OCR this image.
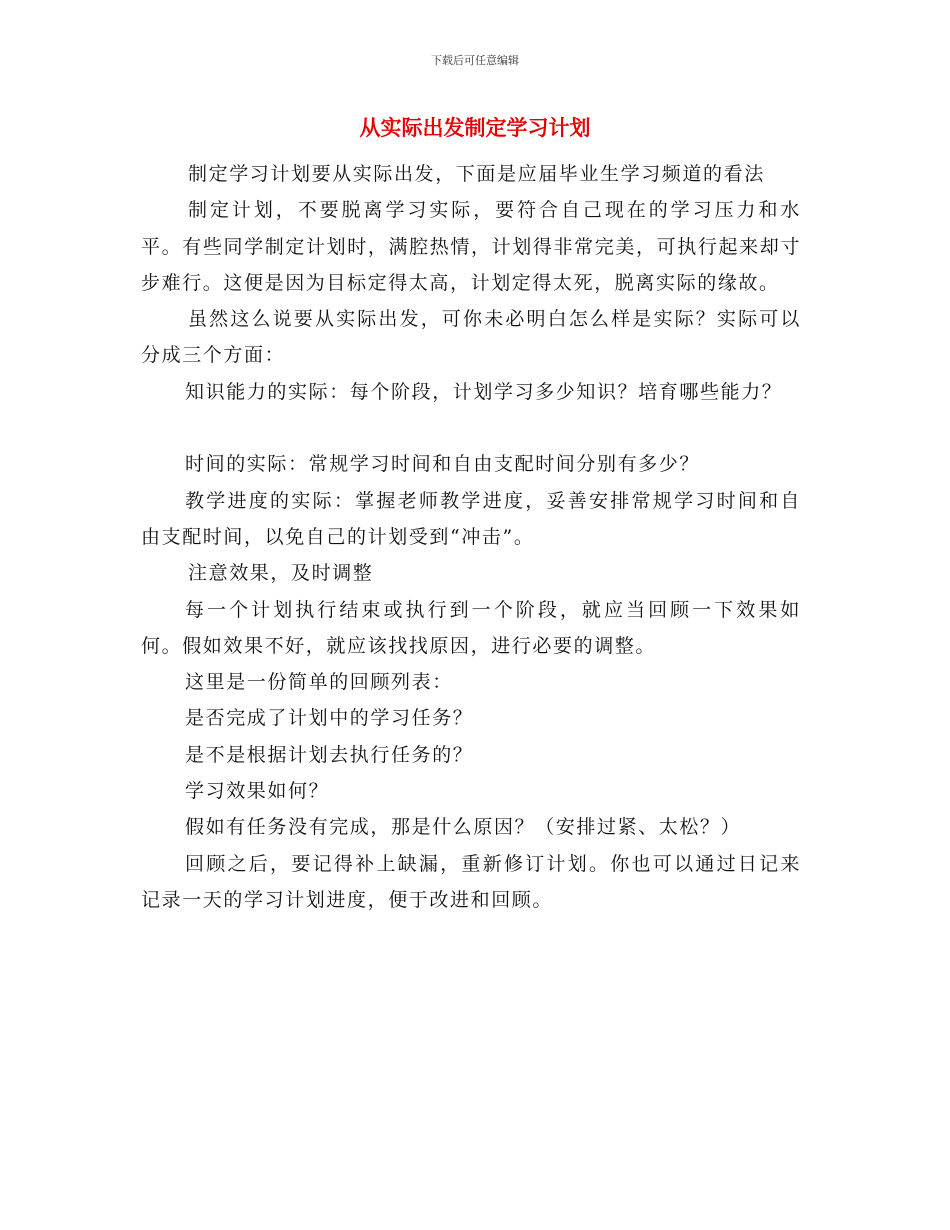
下载后可任意编辑
从实际出发制定学习计划

制定学习计划要从实际出发，下面是应届毕业生学习频道的看法

制定计划，不要脱离学习实际，要符合自己现在的学习压力和水平。有些同学制定计划时，满腔热情，计划得非常完美，可执行起来却寸步难行。这便是因为目标定得太高，计划定得太死，脱离实际的缘故。

虽然这么说要从实际出发，可你未必明白怎么样是实际？实际可以分成三个方面：

知识能力的实际：每个阶段，计划学习多少知识？培育哪些能力？

时间的实际：常规学习时间和自由支配时间分别有多少？

教学进度的实际：掌握老师教学进度，妥善安排常规学习时间和自由支配时间，以免自己的计划受到“冲击”。

注意效果，及时调整

每一个计划执行结束或执行到一个阶段，就应当回顾一下效果如何。假如效果不好，就应该找找原因，进行必要的调整。

这里是一份简单的回顾列表：

是否完成了计划中的学习任务？

是不是根据计划去执行任务的？

学习效果如何？

假如有任务没有完成，那是什么原因？（安排过紧、太松？）

回顾之后，要记得补上缺漏，重新修订计划。你也可以通过日记来记录一天的学习计划进度，便于改进和回顾。
